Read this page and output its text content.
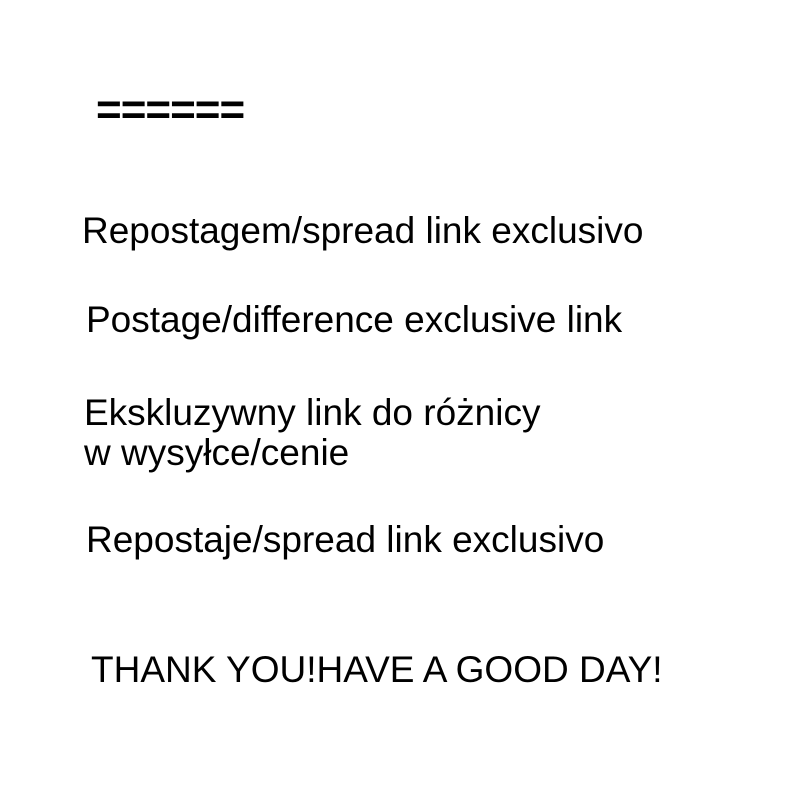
======
Repostagem/spread link exclusivo
Postage/difference exclusive link
Ekskluzywny link do różnicy
w wysyłce/cenie
Repostaje/spread link exclusivo
THANK YOU!HAVE A GOOD DAY!
